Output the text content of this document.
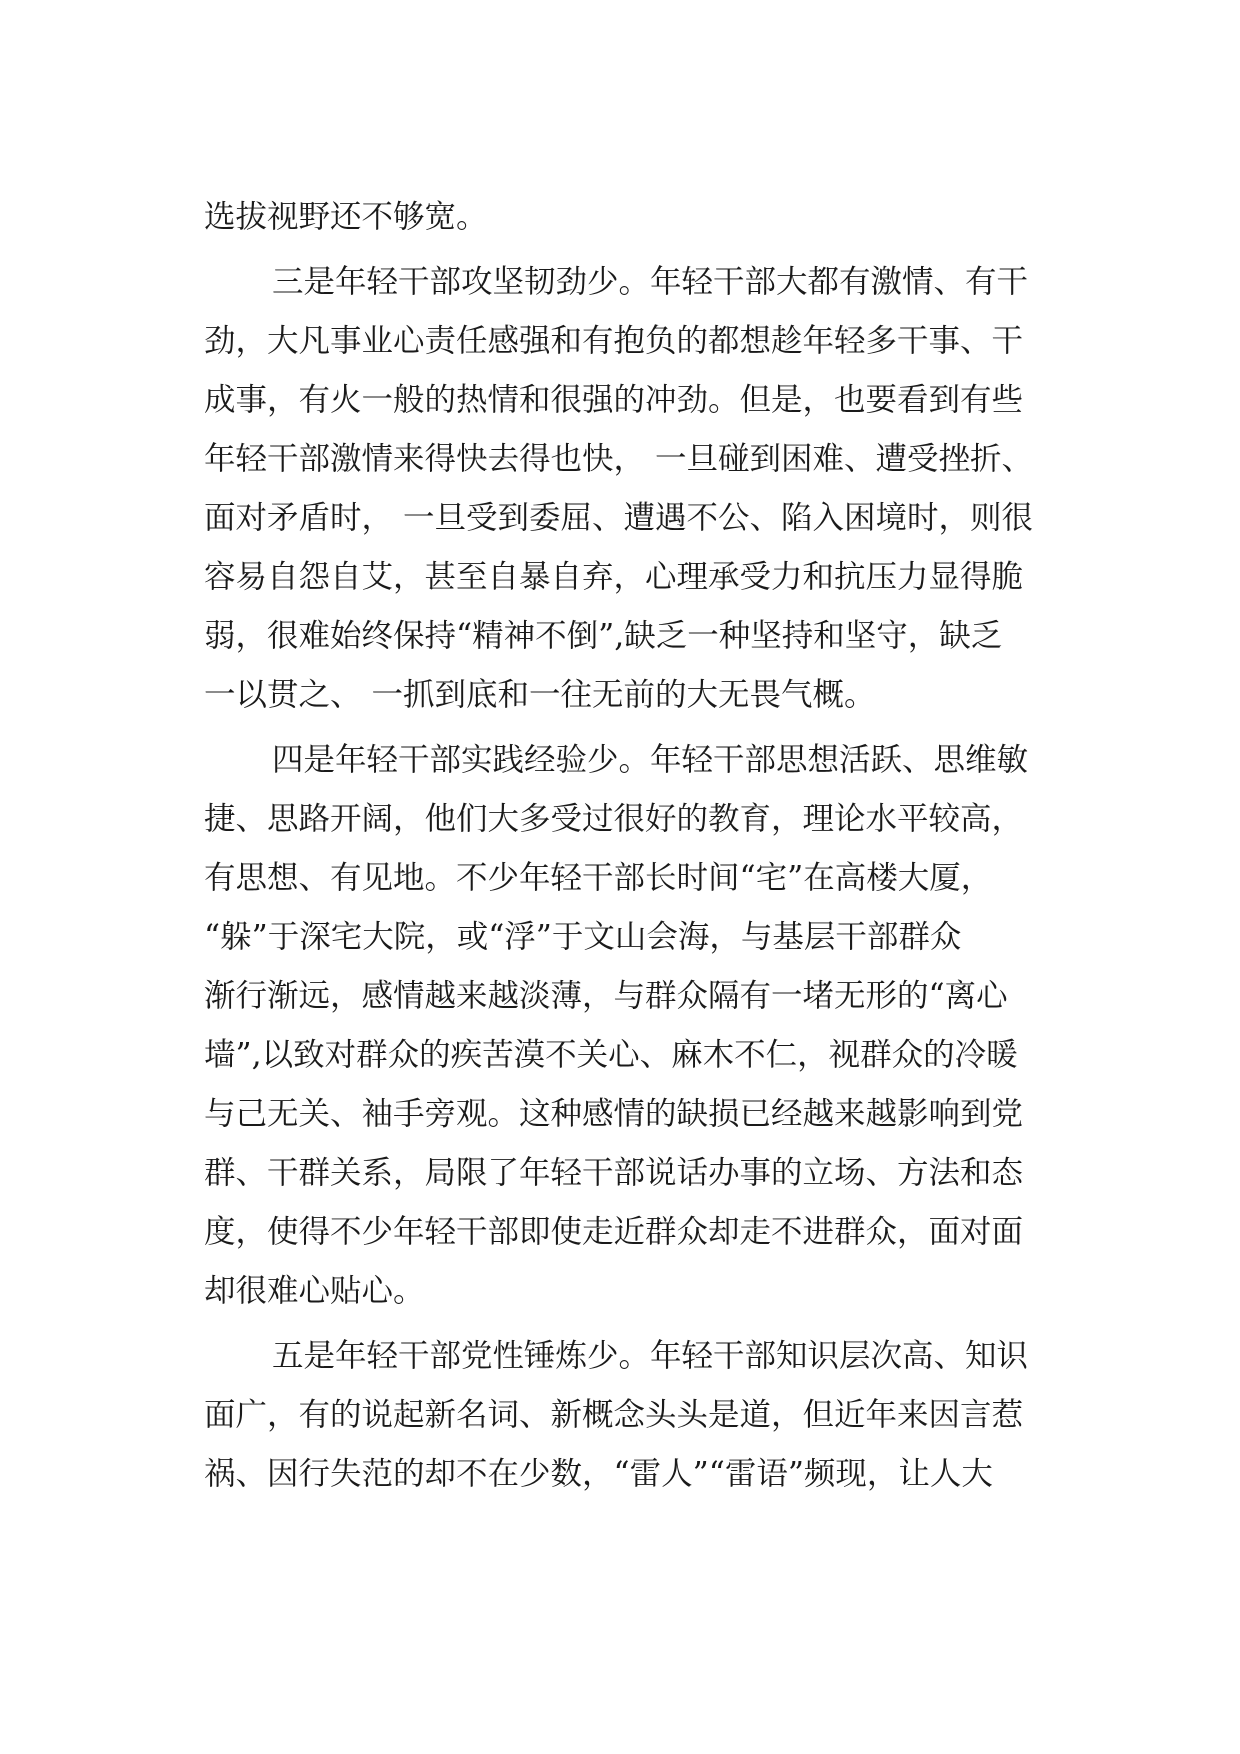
选拔视野还不够宽。
三是年轻干部攻坚韧劲少。年轻干部大都有激情、有干
劲，大凡事业心责任感强和有抱负的都想趁年轻多干事、干
成事，有火一般的热情和很强的冲劲。但是，也要看到有些
年轻干部激情来得快去得也快， 一旦碰到困难、遭受挫折、
面对矛盾时， 一旦受到委屈、遭遇不公、陷入困境时，则很
容易自怨自艾，甚至自暴自弃，心理承受力和抗压力显得脆
弱，很难始终保持“精神不倒”,缺乏一种坚持和坚守，缺乏
一以贯之、 一抓到底和一往无前的大无畏气概。
四是年轻干部实践经验少。年轻干部思想活跃、思维敏
捷、思路开阔，他们大多受过很好的教育，理论水平较高，
有思想、有见地。不少年轻干部长时间“宅”在高楼大厦，
“躲”于深宅大院，或“浮”于文山会海，与基层干部群众
渐行渐远，感情越来越淡薄，与群众隔有一堵无形的“离心
墙”,以致对群众的疾苦漠不关心、麻木不仁，视群众的冷暖
与己无关、袖手旁观。这种感情的缺损已经越来越影响到党
群、干群关系，局限了年轻干部说话办事的立场、方法和态
度，使得不少年轻干部即使走近群众却走不进群众，面对面
却很难心贴心。
五是年轻干部党性锤炼少。年轻干部知识层次高、知识
面广，有的说起新名词、新概念头头是道，但近年来因言惹
祸、因行失范的却不在少数，“雷人”“雷语”频现，让人大
